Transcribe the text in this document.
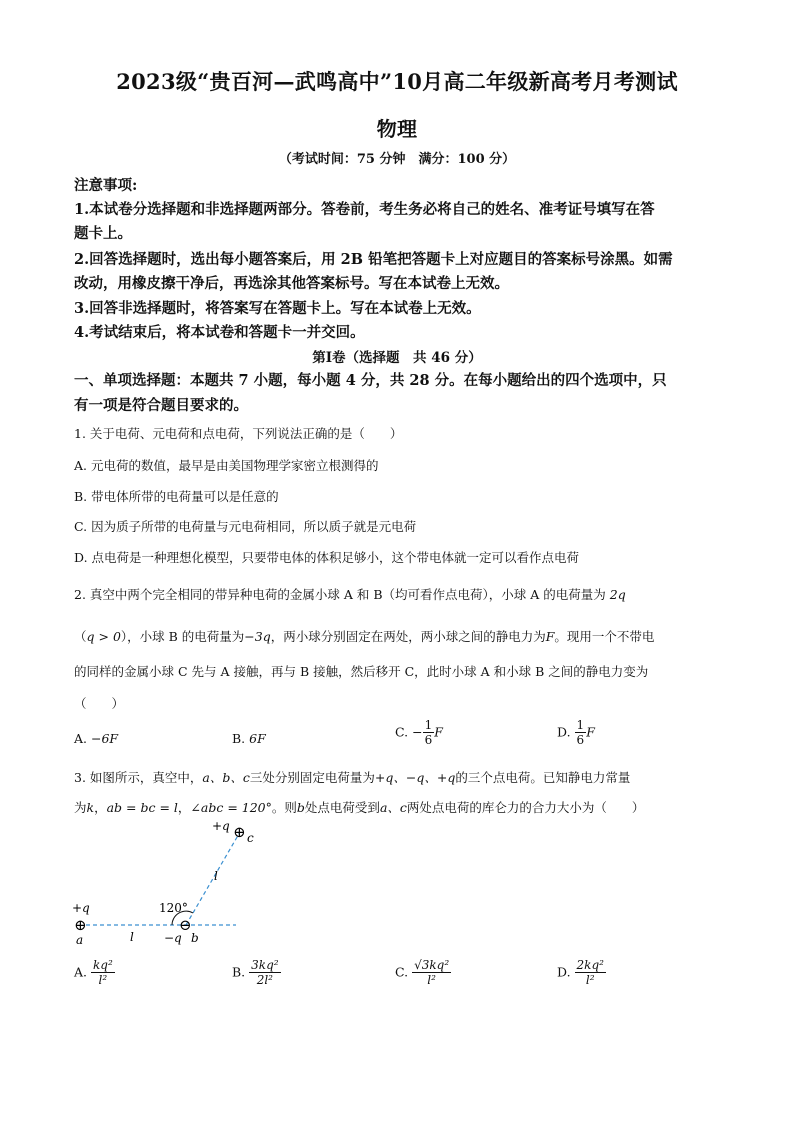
2023级“贵百河—武鸣高中”10月高二年级新高考月考测试
物理
（考试时间：75 分钟　满分：100 分）
注意事项:
1.本试卷分选择题和非选择题两部分。答卷前，考生务必将自己的姓名、准考证号填写在答
题卡上。
2.回答选择题时，选出每小题答案后，用 2B 铅笔把答题卡上对应题目的答案标号涂黑。如需
改动，用橡皮擦干净后，再选涂其他答案标号。写在本试卷上无效。
3.回答非选择题时，将答案写在答题卡上。写在本试卷上无效。
4.考试结束后，将本试卷和答题卡一并交回。
第Ⅰ卷（选择题　共 46 分）
一、单项选择题：本题共 7 小题，每小题 4 分，共 28 分。在每小题给出的四个选项中，只
有一项是符合题目要求的。
1. 关于电荷、元电荷和点电荷，下列说法正确的是（　　）
A. 元电荷的数值，最早是由美国物理学家密立根测得的
B. 带电体所带的电荷量可以是任意的
C. 因为质子所带的电荷量与元电荷相同，所以质子就是元电荷
D. 点电荷是一种理想化模型，只要带电体的体积足够小，这个带电体就一定可以看作点电荷
2. 真空中两个完全相同的带异种电荷的金属小球 A 和 B（均可看作点电荷），小球 A 的电荷量为 2q
（q > 0），小球 B 的电荷量为−3q，两小球分别固定在两处，两小球之间的静电力为F。现用一个不带电
的同样的金属小球 C 先与 A 接触，再与 B 接触，然后移开 C，此时小球 A 和小球 B 之间的静电力变为
（　　）
A. −6F	B. 6F	C. − $\frac{1}{6}$ F	D. $\frac{1}{6}$ F
3. 如图所示，真空中，a、b、c三处分别固定电荷量为+q、−q、+q的三个点电荷。已知静电力常量
为k，ab = bc = l，∠abc = 120°。则b处点电荷受到a、c两处点电荷的库仑力的合力大小为（　　）
⊕	⊖
⊕
+q
c
l
120°
+q
a	l	−q b
A. $\frac{\text{kq²}}{\text{l²}}$	B. $\frac{\text{3kq²}}{\text{2l²}}$	C. $\frac{\text{√3kq²}}{\text{l²}}$	D. $\frac{\text{2kq²}}{\text{l²}}$
